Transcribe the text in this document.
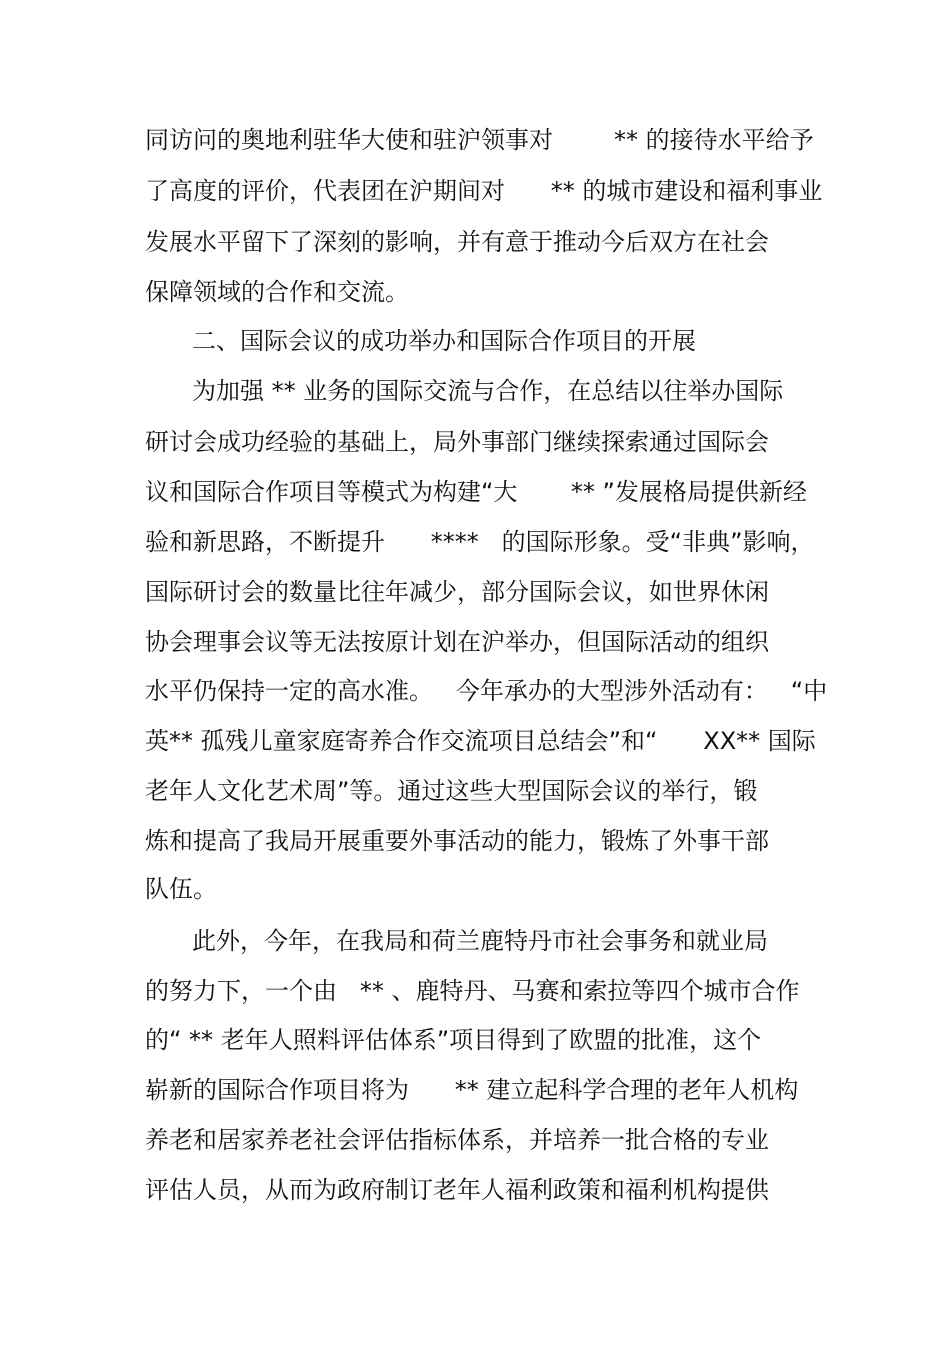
同访问的奥地利驻华大使和驻沪领事对        ** 的接待水平给予
了高度的评价，代表团在沪期间对      ** 的城市建设和福利事业
发展水平留下了深刻的影响，并有意于推动今后双方在社会
保障领域的合作和交流。
二、国际会议的成功举办和国际合作项目的开展
为加强 ** 业务的国际交流与合作，在总结以往举办国际
研讨会成功经验的基础上，局外事部门继续探索通过国际会
议和国际合作项目等模式为构建“大       ** ”发展格局提供新经
验和新思路，不断提升      ****   的国际形象。受“非典”影响，
国际研讨会的数量比往年减少，部分国际会议，如世界休闲
协会理事会议等无法按原计划在沪举办，但国际活动的组织
水平仍保持一定的高水准。   今年承办的大型涉外活动有：   “中
英** 孤残儿童家庭寄养合作交流项目总结会”和“      XX** 国际
老年人文化艺术周”等。通过这些大型国际会议的举行，锻
炼和提高了我局开展重要外事活动的能力，锻炼了外事干部
队伍。
此外，今年，在我局和荷兰鹿特丹市社会事务和就业局
的努力下，一个由   ** 、鹿特丹、马赛和索拉等四个城市合作
的“ ** 老年人照料评估体系”项目得到了欧盟的批准，这个
崭新的国际合作项目将为      ** 建立起科学合理的老年人机构
养老和居家养老社会评估指标体系，并培养一批合格的专业
评估人员，从而为政府制订老年人福利政策和福利机构提供
